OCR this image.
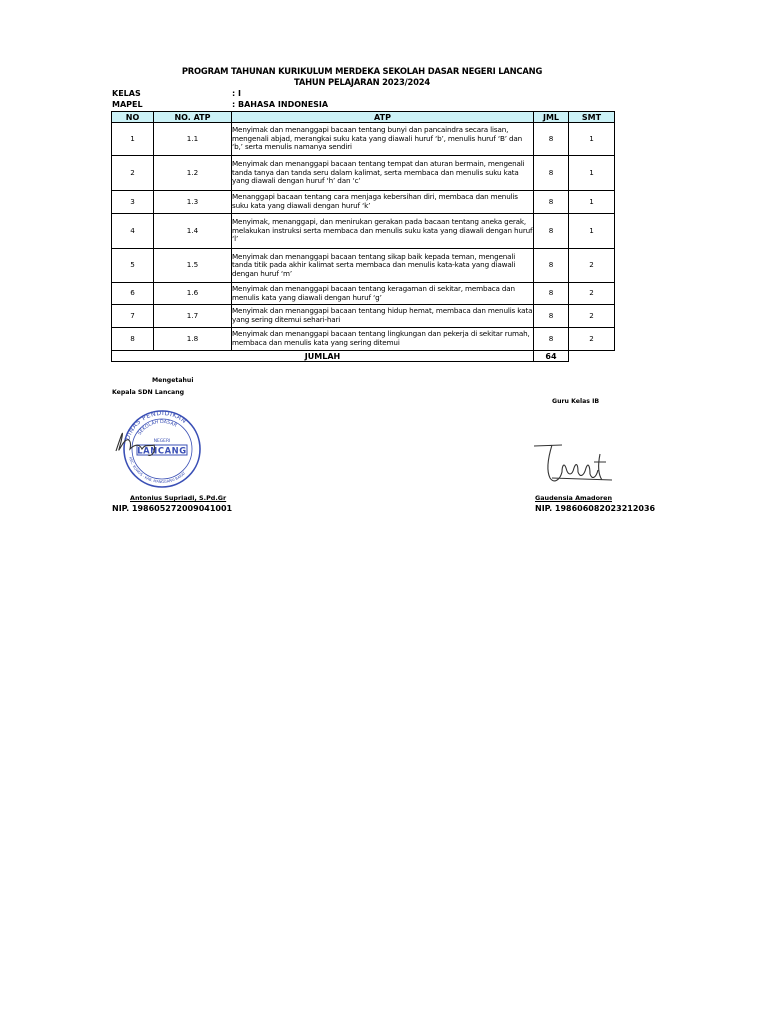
PROGRAM TAHUNAN KURIKULUM MERDEKA SEKOLAH DASAR NEGERI LANCANG
TAHUN PELAJARAN 2023/2024
KELAS	: I
MAPEL	: BAHASA INDONESIA
NO	NO. ATP	ATP	JML	SMT
1	1.1	Menyimak dan menanggapi bacaan tentang bunyi dan pancaindra secara lisan, mengenali abjad, merangkai suku kata yang diawali huruf ‘b’, menulis huruf ‘B’ dan ‘b,’ serta menulis namanya sendiri	8	1
2	1.2	Menyimak dan menanggapi bacaan tentang tempat dan aturan bermain, mengenali tanda tanya dan tanda seru dalam kalimat, serta membaca dan menulis suku kata yang diawali dengan huruf ‘h’ dan ‘c’	8	1
3	1.3	Menanggapi bacaan tentang cara menjaga kebersihan diri, membaca dan menulis suku kata yang diawali dengan huruf ‘k’	8	1
4	1.4	Menyimak, menanggapi, dan menirukan gerakan pada bacaan tentang aneka gerak, melakukan instruksi serta membaca dan menulis suku kata yang diawali dengan huruf ‘l’	8	1
5	1.5	Menyimak dan menanggapi bacaan tentang sikap baik kepada teman, mengenali tanda titik pada akhir kalimat serta membaca dan menulis kata-kata yang diawali dengan huruf ‘m’	8	2
6	1.6	Menyimak dan menanggapi bacaan tentang keragaman di sekitar, membaca dan menulis kata yang diawali dengan huruf ‘g’	8	2
7	1.7	Menyimak dan menanggapi bacaan tentang hidup hemat, membaca dan menulis kata yang sering ditemui sehari-hari	8	2
8	1.8	Menyimak dan menanggapi bacaan tentang lingkungan dan pekerja di sekitar rumah, membaca dan menulis kata yang sering ditemui	8	2
JUMLAH			64	
Mengetahui
Kepala SDN Lancang
Guru Kelas IB
DINAS PENDIDIKAN
SEKOLAH DASAR
NEGERI
LANCANG
KEC. KUWUS · KAB. MANGGARAI BARAT
Antonius Supriadi, S.Pd.Gr
NIP. 198605272009041001
Gaudensia Amadoren
NIP. 198606082023212036
